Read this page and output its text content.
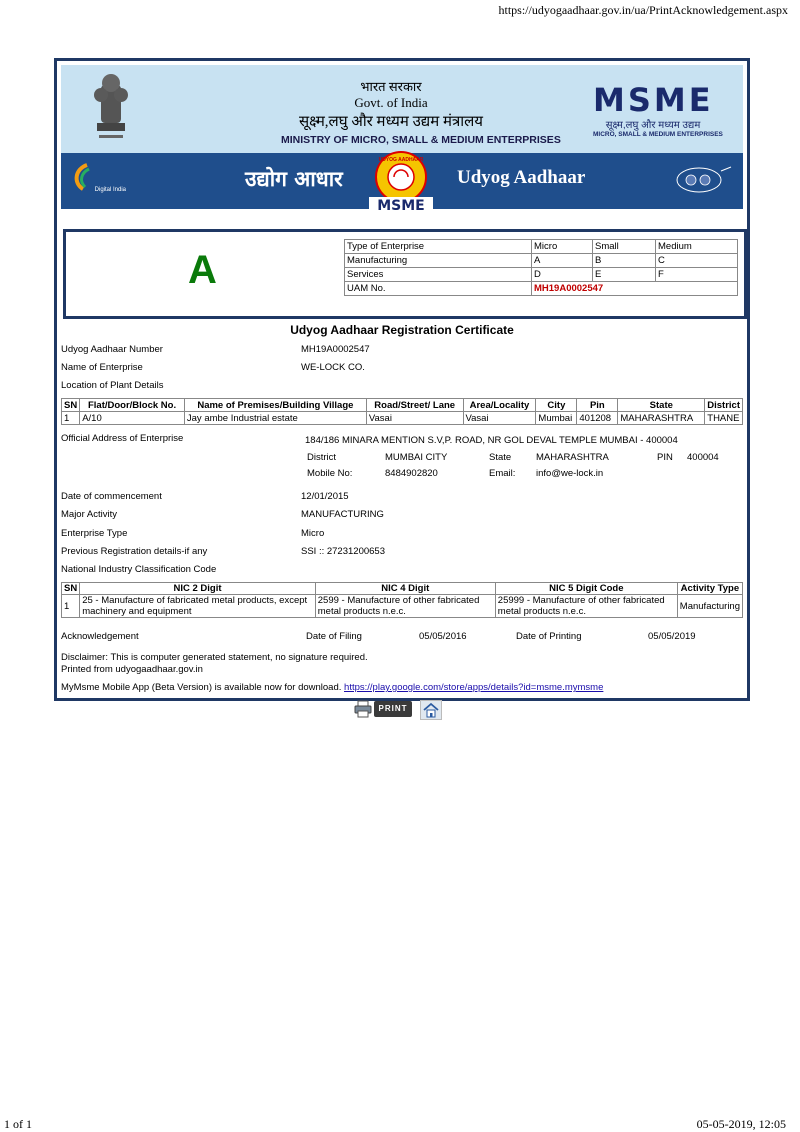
https://udyogaadhaar.gov.in/ua/PrintAcknowledgement.aspx
भारत सरकार
Govt. of India
सूक्ष्म,लघु और मध्यम उद्यम मंत्रालय
MINISTRY OF MICRO, SMALL & MEDIUM ENTERPRISES
MSME
सूक्ष्म,लघु और मध्यम उद्यम
MICRO, SMALL & MEDIUM ENTERPRISES
Digital India	उद्योग आधार
UDYOG AADHAAR
MSME
Udyog Aadhaar
A
Type of Enterprise	Micro	Small	Medium
Manufacturing	A	B	C
Services	D	E	F
UAM No.	MH19A0002547		
Udyog Aadhaar Registration Certificate
Udyog Aadhaar Number	MH19A0002547
Name of Enterprise	WE-LOCK CO.
Location of Plant Details
SN	Flat/Door/Block No.	Name of Premises/Building Village	Road/Street/ Lane	Area/Locality	City	Pin	State	District
1	A/10	Jay ambe Industrial estate	Vasai	Vasai	Mumbai	401208	MAHARASHTRA	THANE
Official Address of Enterprise	184/186 MINARA MENTION S.V,P. ROAD, NR GOL DEVAL TEMPLE MUMBAI - 400004
District	MUMBAI CITY	State	MAHARASHTRA	PIN 400004
Mobile No:	8484902820	Email: info@we-lock.in
Date of commencement	12/01/2015
Major Activity	MANUFACTURING
Enterprise Type	Micro
Previous Registration details-if any	SSI :: 27231200653
National Industry Classification Code
SN	NIC 2 Digit	NIC 4 Digit	NIC 5 Digit Code	Activity Type
1	25 - Manufacture of fabricated metal products, except machinery and equipment	2599 - Manufacture of other fabricated metal products n.e.c.	25999 - Manufacture of other fabricated metal products n.e.c.	Manufacturing
Acknowledgement	Date of Filing	05/05/2016	Date of Printing	05/05/2019
Disclaimer: This is computer generated statement, no signature required.
Printed from udyogaadhaar.gov.in
MyMsme Mobile App (Beta Version) is available now for download. https://play.google.com/store/apps/details?id=msme.mymsme
PRINT
1 of 1	05-05-2019, 12:05
